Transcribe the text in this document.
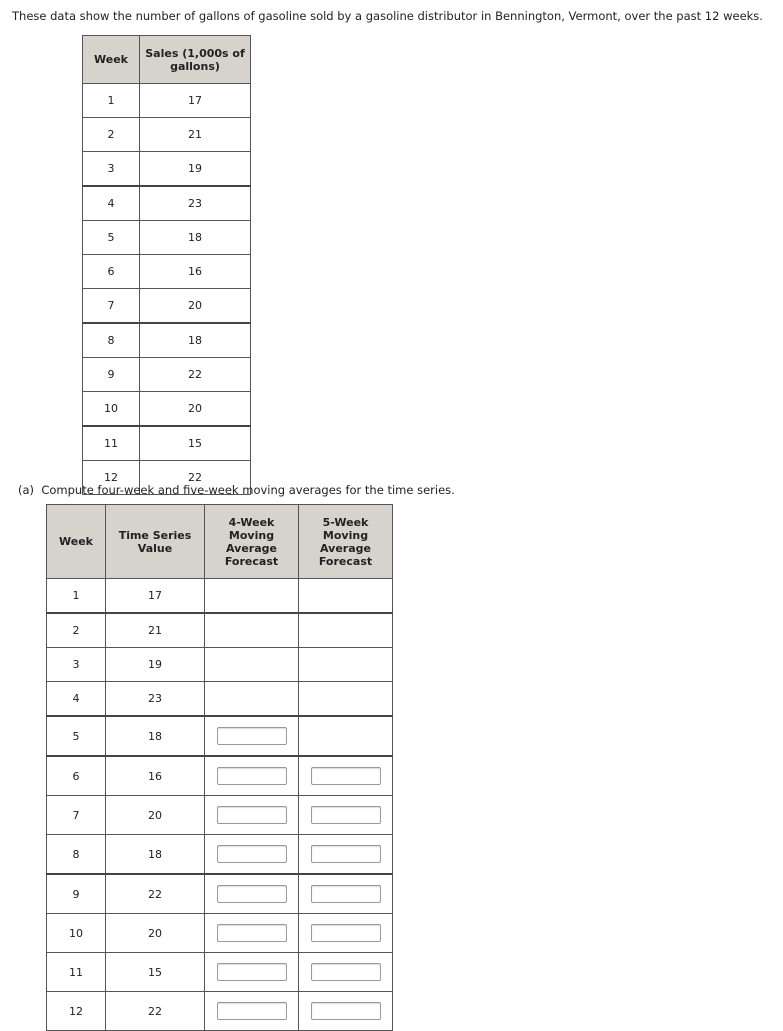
These data show the number of gallons of gasoline sold by a gasoline distributor in Bennington, Vermont, over the past 12 weeks.
Week	Sales (1,000s of gallons)
1	17
2	21
3	19
4	23
5	18
6	16
7	20
8	18
9	22
10	20
11	15
12	22
(a)  Compute four-week and five-week moving averages for the time series.
Week	Time Series Value	4-Week Moving Average Forecast	5-Week Moving Average Forecast
1	17		
2	21		
3	19		
4	23		
5	18		
6	16		
7	20		
8	18		
9	22		
10	20		
11	15		
12	22		
